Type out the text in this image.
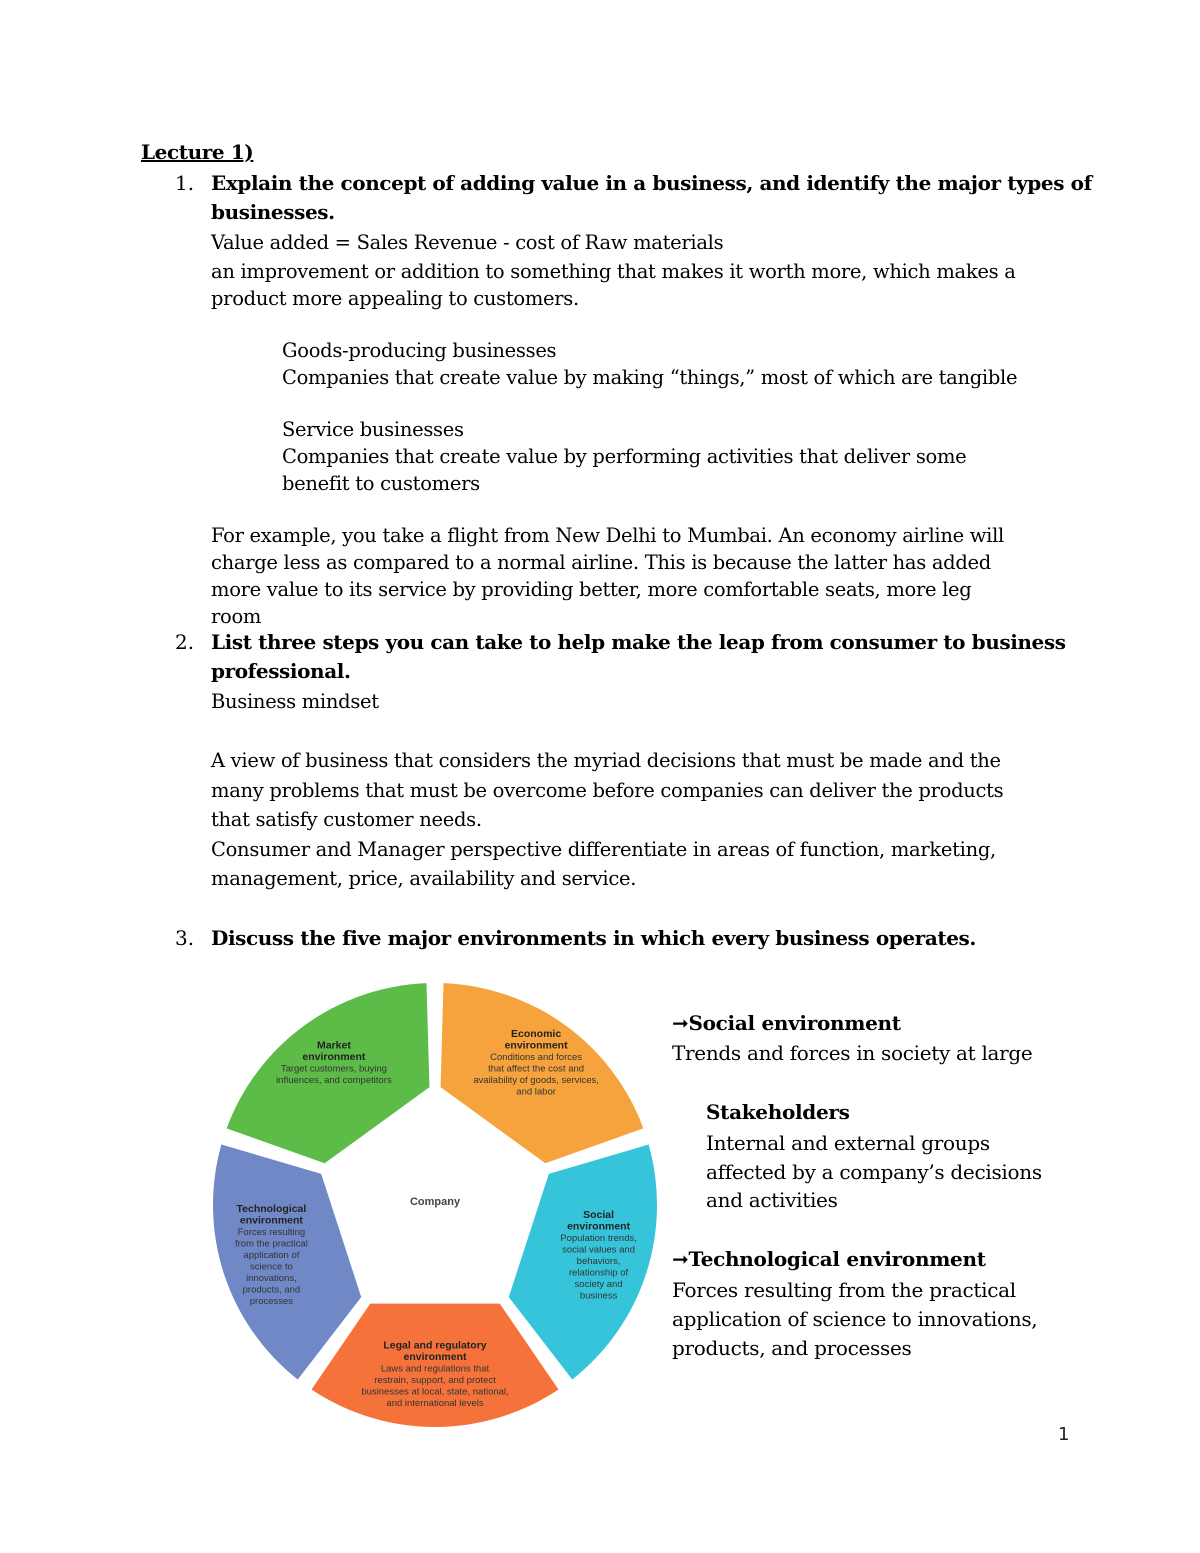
Lecture 1)
1. Explain the concept of adding value in a business, and identify the major types of
businesses.
Value added = Sales Revenue - cost of Raw materials
an improvement or addition to something that makes it worth more, which makes a
product more appealing to customers.
Goods-producing businesses
Companies that create value by making “things,” most of which are tangible
Service businesses
Companies that create value by performing activities that deliver some
benefit to customers
For example, you take a flight from New Delhi to Mumbai. An economy airline will
charge less as compared to a normal airline. This is because the latter has added
more value to its service by providing better, more comfortable seats, more leg
room
2. List three steps you can take to help make the leap from consumer to business
professional.
Business mindset
A view of business that considers the myriad decisions that must be made and the
many problems that must be overcome before companies can deliver the products
that satisfy customer needs.
Consumer and Manager perspective differentiate in areas of function, marketing,
management, price, availability and service.
3. Discuss the five major environments in which every business operates.
Economic
environment
Conditions and forces
that affect the cost and
availability of goods, services,
and labor
Social
environment
Population trends,
social values and
behaviors,
relationship of
society and
business
Legal and regulatory
environment
Laws and regulations that
restrain, support, and protect
businesses at local, state, national,
and international levels
Technological
environment
Forces resulting
from the practical
application of
science to
innovations,
products, and
processes
Market
environment
Target customers, buying
influences, and competitors
Company
➞Social environment
Trends and forces in society at large
Stakeholders
Internal and external groups
affected by a company’s decisions
and activities
➞Technological environment
Forces resulting from the practical
application of science to innovations,
products, and processes
1
